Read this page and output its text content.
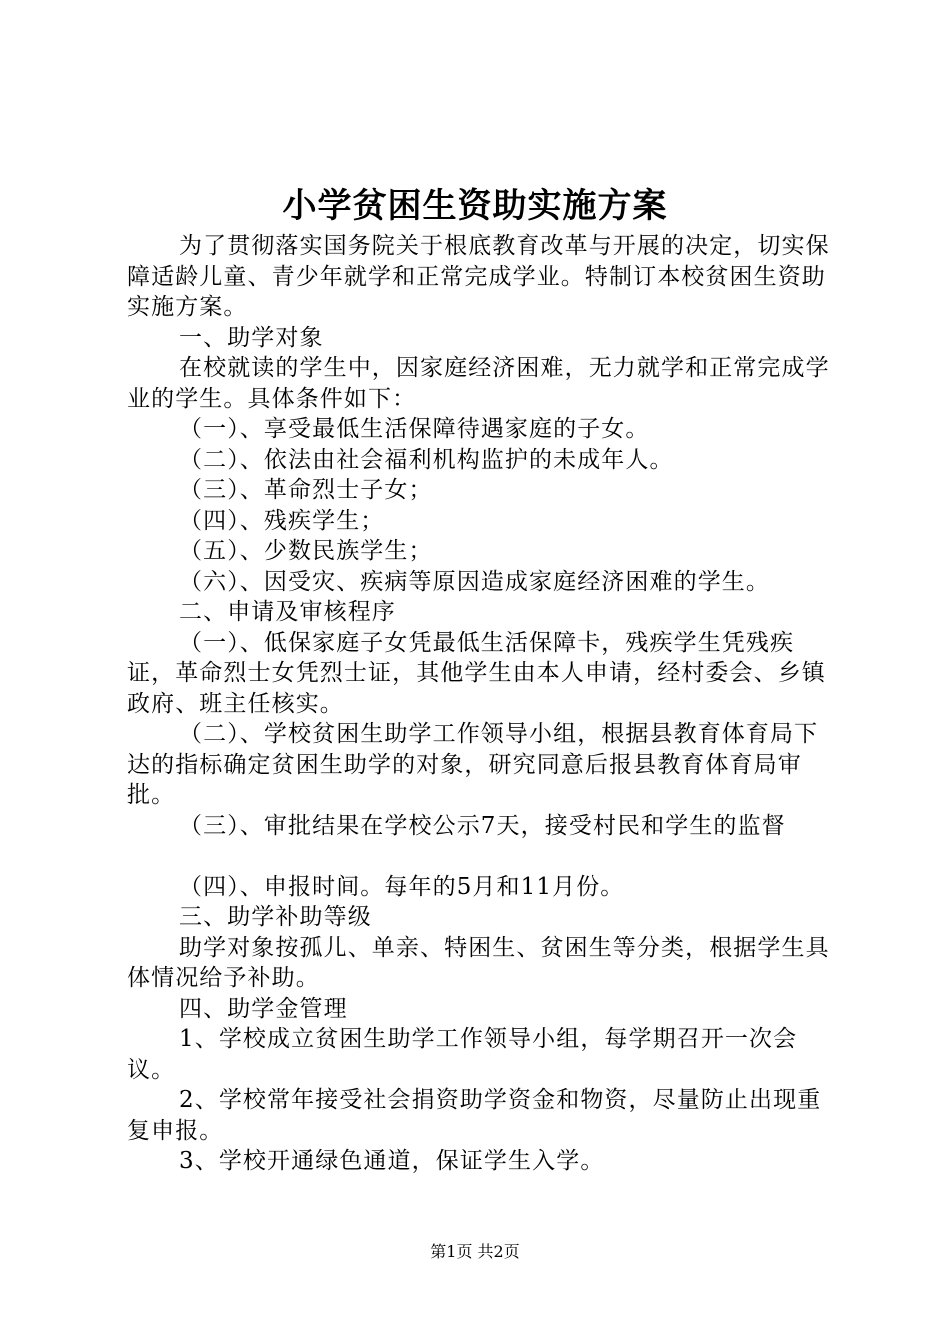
小学贫困生资助实施方案

为了贯彻落实国务院关于根底教育改革与开展的决定，切实保障适龄儿童、青少年就学和正常完成学业。特制订本校贫困生资助实施方案。

一、助学对象

在校就读的学生中，因家庭经济困难，无力就学和正常完成学业的学生。具体条件如下：

（一）、享受最低生活保障待遇家庭的子女。

（二）、依法由社会福利机构监护的未成年人。

（三）、革命烈士子女；

（四）、残疾学生；

（五）、少数民族学生；

（六）、因受灾、疾病等原因造成家庭经济困难的学生。

二、申请及审核程序

（一）、低保家庭子女凭最低生活保障卡，残疾学生凭残疾证，革命烈士女凭烈士证，其他学生由本人申请，经村委会、乡镇政府、班主任核实。

（二）、学校贫困生助学工作领导小组，根据县教育体育局下达的指标确定贫困生助学的对象，研究同意后报县教育体育局审批。

（三）、审批结果在学校公示7天，接受村民和学生的监督

（四）、申报时间。每年的5月和11月份。

三、助学补助等级

助学对象按孤儿、单亲、特困生、贫困生等分类，根据学生具体情况给予补助。

四、助学金管理

1、学校成立贫困生助学工作领导小组，每学期召开一次会议。

2、学校常年接受社会捐资助学资金和物资，尽量防止出现重复申报。

3、学校开通绿色通道，保证学生入学。

第1页 共2页
